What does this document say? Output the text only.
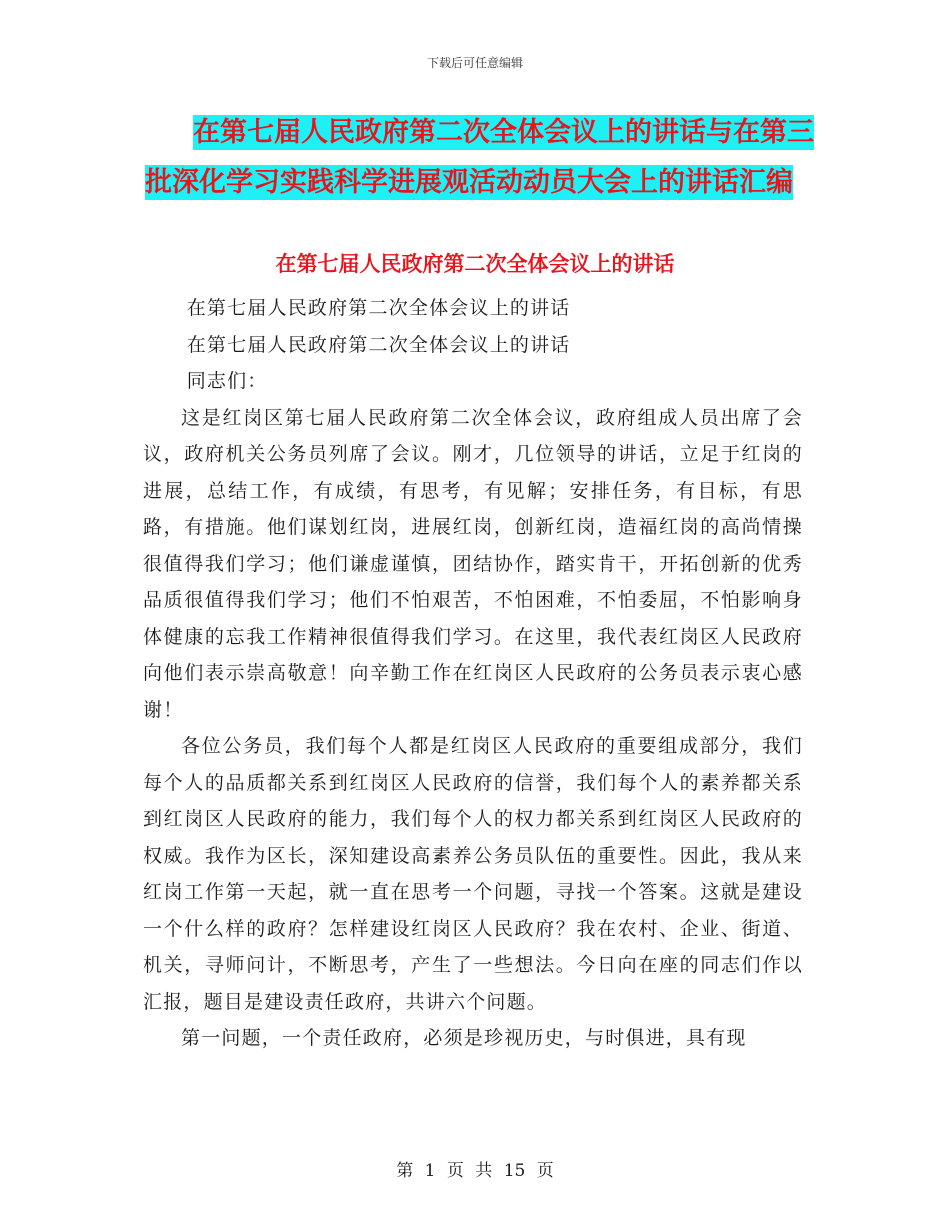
下载后可任意编辑
在第七届人民政府第二次全体会议上的讲话与在第三
批深化学习实践科学进展观活动动员大会上的讲话汇编
在第七届人民政府第二次全体会议上的讲话

在第七届人民政府第二次全体会议上的讲话

在第七届人民政府第二次全体会议上的讲话

同志们：

这是红岗区第七届人民政府第二次全体会议，政府组成人员出席了会议，政府机关公务员列席了会议。刚才，几位领导的讲话，立足于红岗的进展，总结工作，有成绩，有思考，有见解；安排任务，有目标，有思路，有措施。他们谋划红岗，进展红岗，创新红岗，造福红岗的高尚情操很值得我们学习；他们谦虚谨慎，团结协作，踏实肯干，开拓创新的优秀品质很值得我们学习；他们不怕艰苦，不怕困难，不怕委屈，不怕影响身体健康的忘我工作精神很值得我们学习。在这里，我代表红岗区人民政府向他们表示崇高敬意！向辛勤工作在红岗区人民政府的公务员表示衷心感谢！

各位公务员，我们每个人都是红岗区人民政府的重要组成部分，我们每个人的品质都关系到红岗区人民政府的信誉，我们每个人的素养都关系到红岗区人民政府的能力，我们每个人的权力都关系到红岗区人民政府的权威。我作为区长，深知建设高素养公务员队伍的重要性。因此，我从来红岗工作第一天起，就一直在思考一个问题，寻找一个答案。这就是建设一个什么样的政府？怎样建设红岗区人民政府？我在农村、企业、街道、机关，寻师问计，不断思考，产生了一些想法。今日向在座的同志们作以汇报，题目是建设责任政府，共讲六个问题。

第一问题，一个责任政府，必须是珍视历史，与时俱进，具有现

第 1 页 共 15 页
